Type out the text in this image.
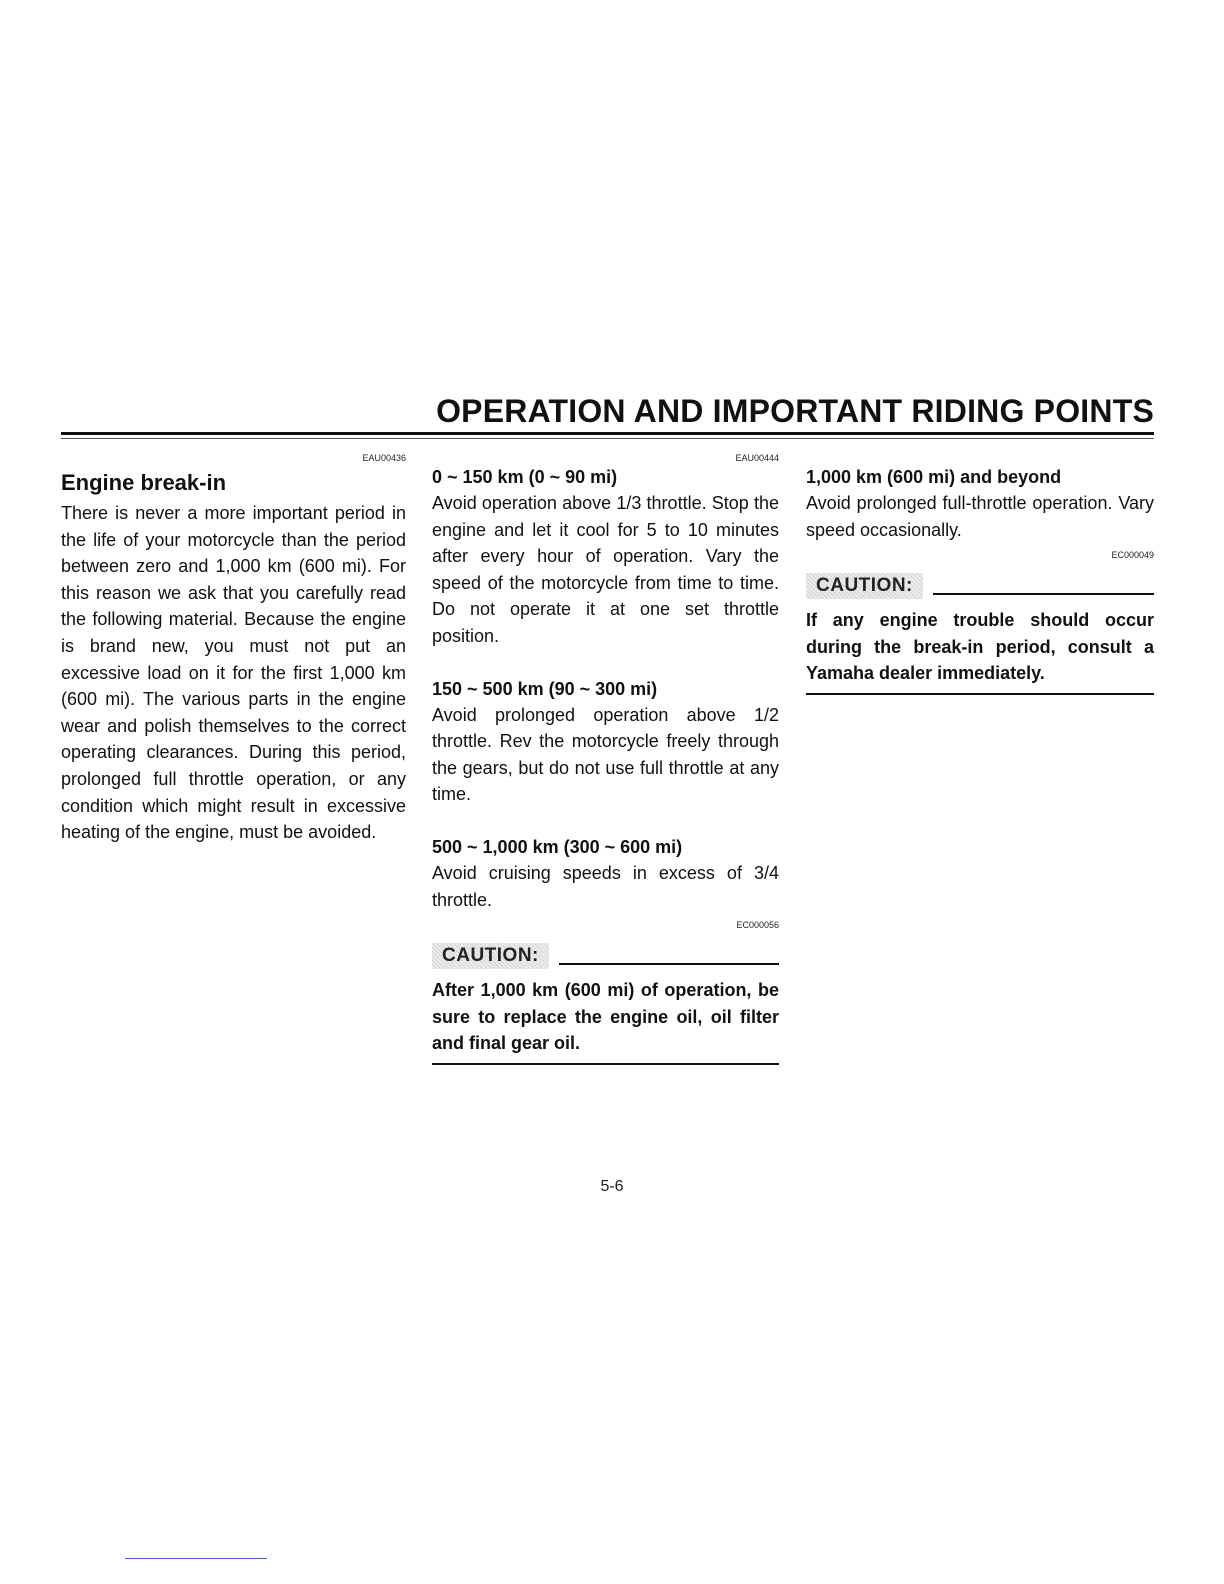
OPERATION AND IMPORTANT RIDING POINTS
EAU00436
Engine break-in

There is never a more important period in the life of your motorcycle than the period between zero and 1,000 km (600 mi). For this reason we ask that you carefully read the following material. Because the engine is brand new, you must not put an excessive load on it for the first 1,000 km (600 mi). The various parts in the engine wear and polish themselves to the correct operating clearances. During this period, prolonged full throttle operation, or any condition which might result in excessive heating of the engine, must be avoided.

EAU00444
0 ~ 150 km (0 ~ 90 mi)

Avoid operation above 1/3 throttle. Stop the engine and let it cool for 5 to 10 minutes after every hour of operation. Vary the speed of the motorcycle from time to time. Do not operate it at one set throttle position.

150 ~ 500 km (90 ~ 300 mi)

Avoid prolonged operation above 1/2 throttle. Rev the motorcycle freely through the gears, but do not use full throttle at any time.

500 ~ 1,000 km (300 ~ 600 mi)

Avoid cruising speeds in excess of 3/4 throttle.

EC000056
CAUTION:
After 1,000 km (600 mi) of operation, be sure to replace the engine oil, oil filter and final gear oil.
1,000 km (600 mi) and beyond

Avoid prolonged full-throttle operation. Vary speed occasionally.

EC000049
CAUTION:
If any engine trouble should occur during the break-in period, consult a Yamaha dealer immediately.
5-6
